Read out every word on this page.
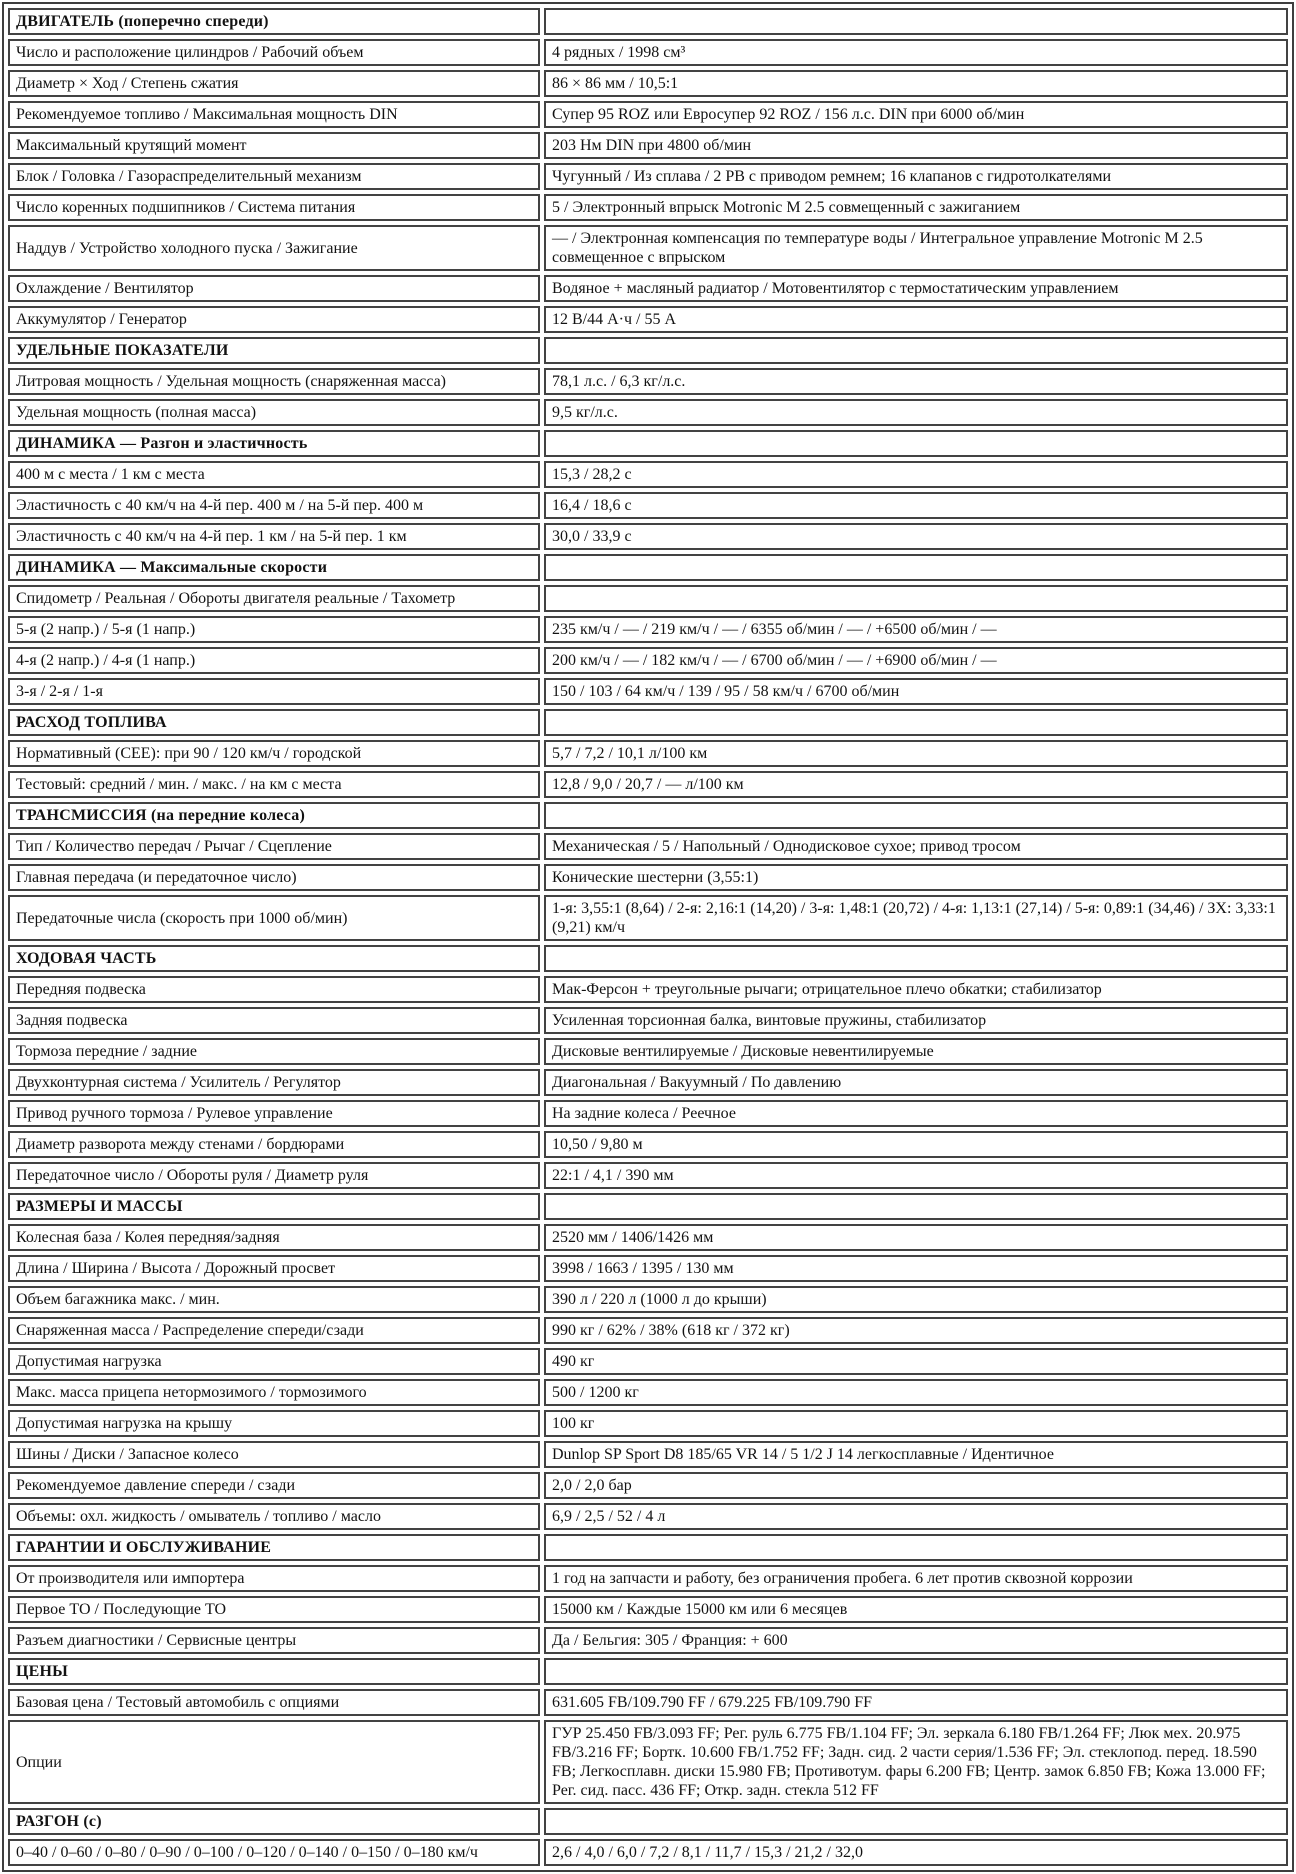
ДВИГАТЕЛЬ (поперечно спереди)	
Число и расположение цилиндров / Рабочий объем	4 рядных / 1998 см³
Диаметр × Ход / Степень сжатия	86 × 86 мм / 10,5:1
Рекомендуемое топливо / Максимальная мощность DIN	Супер 95 ROZ или Евросупер 92 ROZ / 156 л.с. DIN при 6000 об/мин
Максимальный крутящий момент	203 Нм DIN при 4800 об/мин
Блок / Головка / Газораспределительный механизм	Чугунный / Из сплава / 2 РВ с приводом ремнем; 16 клапанов с гидротолкателями
Число коренных подшипников / Система питания	5 / Электронный впрыск Motronic M 2.5 совмещенный с зажиганием
Наддув / Устройство холодного пуска / Зажигание	— / Электронная компенсация по температуре воды / Интегральное управление Motronic M 2.5 совмещенное с впрыском
Охлаждение / Вентилятор	Водяное + масляный радиатор / Мотовентилятор с термостатическим управлением
Аккумулятор / Генератор	12 В/44 А·ч / 55 А
УДЕЛЬНЫЕ ПОКАЗАТЕЛИ	
Литровая мощность / Удельная мощность (снаряженная масса)	78,1 л.с. / 6,3 кг/л.с.
Удельная мощность (полная масса)	9,5 кг/л.с.
ДИНАМИКА — Разгон и эластичность	
400 м с места / 1 км с места	15,3 / 28,2 с
Эластичность с 40 км/ч на 4-й пер. 400 м / на 5-й пер. 400 м	16,4 / 18,6 с
Эластичность с 40 км/ч на 4-й пер. 1 км / на 5-й пер. 1 км	30,0 / 33,9 с
ДИНАМИКА — Максимальные скорости	
Спидометр / Реальная / Обороты двигателя реальные / Тахометр	
5-я (2 напр.) / 5-я (1 напр.)	235 км/ч / — / 219 км/ч / — / 6355 об/мин / — / +6500 об/мин / —
4-я (2 напр.) / 4-я (1 напр.)	200 км/ч / — / 182 км/ч / — / 6700 об/мин / — / +6900 об/мин / —
3-я / 2-я / 1-я	150 / 103 / 64 км/ч / 139 / 95 / 58 км/ч / 6700 об/мин
РАСХОД ТОПЛИВА	
Нормативный (СЕЕ): при 90 / 120 км/ч / городской	5,7 / 7,2 / 10,1 л/100 км
Тестовый: средний / мин. / макс. / на км с места	12,8 / 9,0 / 20,7 / — л/100 км
ТРАНСМИССИЯ (на передние колеса)	
Тип / Количество передач / Рычаг / Сцепление	Механическая / 5 / Напольный / Однодисковое сухое; привод тросом
Главная передача (и передаточное число)	Конические шестерни (3,55:1)
Передаточные числа (скорость при 1000 об/мин)	1-я: 3,55:1 (8,64) / 2-я: 2,16:1 (14,20) / 3-я: 1,48:1 (20,72) / 4-я: 1,13:1 (27,14) / 5-я: 0,89:1 (34,46) / ЗХ: 3,33:1 (9,21) км/ч
ХОДОВАЯ ЧАСТЬ	
Передняя подвеска	Мак-Ферсон + треугольные рычаги; отрицательное плечо обкатки; стабилизатор
Задняя подвеска	Усиленная торсионная балка, винтовые пружины, стабилизатор
Тормоза передние / задние	Дисковые вентилируемые / Дисковые невентилируемые
Двухконтурная система / Усилитель / Регулятор	Диагональная / Вакуумный / По давлению
Привод ручного тормоза / Рулевое управление	На задние колеса / Реечное
Диаметр разворота между стенами / бордюрами	10,50 / 9,80 м
Передаточное число / Обороты руля / Диаметр руля	22:1 / 4,1 / 390 мм
РАЗМЕРЫ И МАССЫ	
Колесная база / Колея передняя/задняя	2520 мм / 1406/1426 мм
Длина / Ширина / Высота / Дорожный просвет	3998 / 1663 / 1395 / 130 мм
Объем багажника макс. / мин.	390 л / 220 л (1000 л до крыши)
Снаряженная масса / Распределение спереди/сзади	990 кг / 62% / 38% (618 кг / 372 кг)
Допустимая нагрузка	490 кг
Макс. масса прицепа нетормозимого / тормозимого	500 / 1200 кг
Допустимая нагрузка на крышу	100 кг
Шины / Диски / Запасное колесо	Dunlop SP Sport D8 185/65 VR 14 / 5 1/2 J 14 легкосплавные / Идентичное
Рекомендуемое давление спереди / сзади	2,0 / 2,0 бар
Объемы: охл. жидкость / омыватель / топливо / масло	6,9 / 2,5 / 52 / 4 л
ГАРАНТИИ И ОБСЛУЖИВАНИЕ	
От производителя или импортера	1 год на запчасти и работу, без ограничения пробега. 6 лет против сквозной коррозии
Первое ТО / Последующие ТО	15000 км / Каждые 15000 км или 6 месяцев
Разъем диагностики / Сервисные центры	Да / Бельгия: 305 / Франция: + 600
ЦЕНЫ	
Базовая цена / Тестовый автомобиль с опциями	631.605 FB/109.790 FF / 679.225 FB/109.790 FF
Опции	ГУР 25.450 FB/3.093 FF; Рег. руль 6.775 FB/1.104 FF; Эл. зеркала 6.180 FB/1.264 FF; Люк мех. 20.975 FB/3.216 FF; Бортк. 10.600 FB/1.752 FF; Задн. сид. 2 части серия/1.536 FF; Эл. стеклопод. перед. 18.590 FB; Легкосплавн. диски 15.980 FB; Противотум. фары 6.200 FB; Центр. замок 6.850 FB; Кожа 13.000 FF; Рег. сид. пасс. 436 FF; Откр. задн. стекла 512 FF
РАЗГОН (с)	
0–40 / 0–60 / 0–80 / 0–90 / 0–100 / 0–120 / 0–140 / 0–150 / 0–180 км/ч	2,6 / 4,0 / 6,0 / 7,2 / 8,1 / 11,7 / 15,3 / 21,2 / 32,0
